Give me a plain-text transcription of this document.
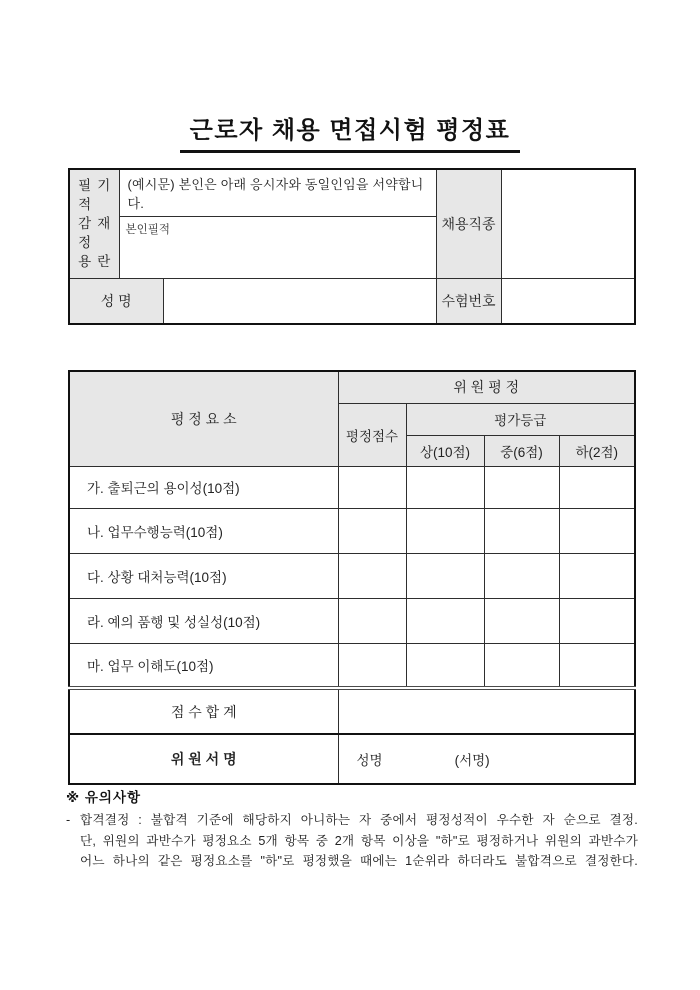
근로자 채용 면접시험 평정표
필
적
감
정
용
기
재
란
	(예시문) 본인은 아래 응시자와 동일인임을 서약합니다.	채용직종	
	본인필적			
성 명			수험번호	
평 정 요 소	위 원 평 정			
	평정점수	평가등급		
		상(10점)	중(6점)	하(2점)
가. 출퇴근의 용이성(10점)				
나. 업무수행능력(10점)				
다. 상황 대처능력(10점)				
라. 예의 품행 및 성실성(10점)				
마. 업무 이해도(10점)				
점 수 합 계				
위 원 서 명	성명 (서명)			
※ 유의사항
- 합격결정 : 불합격 기준에 해당하지 아니하는 자 중에서 평정성적이 우수한 자 순으로 결정.
단, 위원의 과반수가 평정요소 5개 항목 중 2개 항목 이상을 "하"로 평정하거나 위원의 과반수가
어느 하나의 같은 평정요소를 "하"로 평정했을 때에는 1순위라 하더라도 불합격으로 결정한다.
